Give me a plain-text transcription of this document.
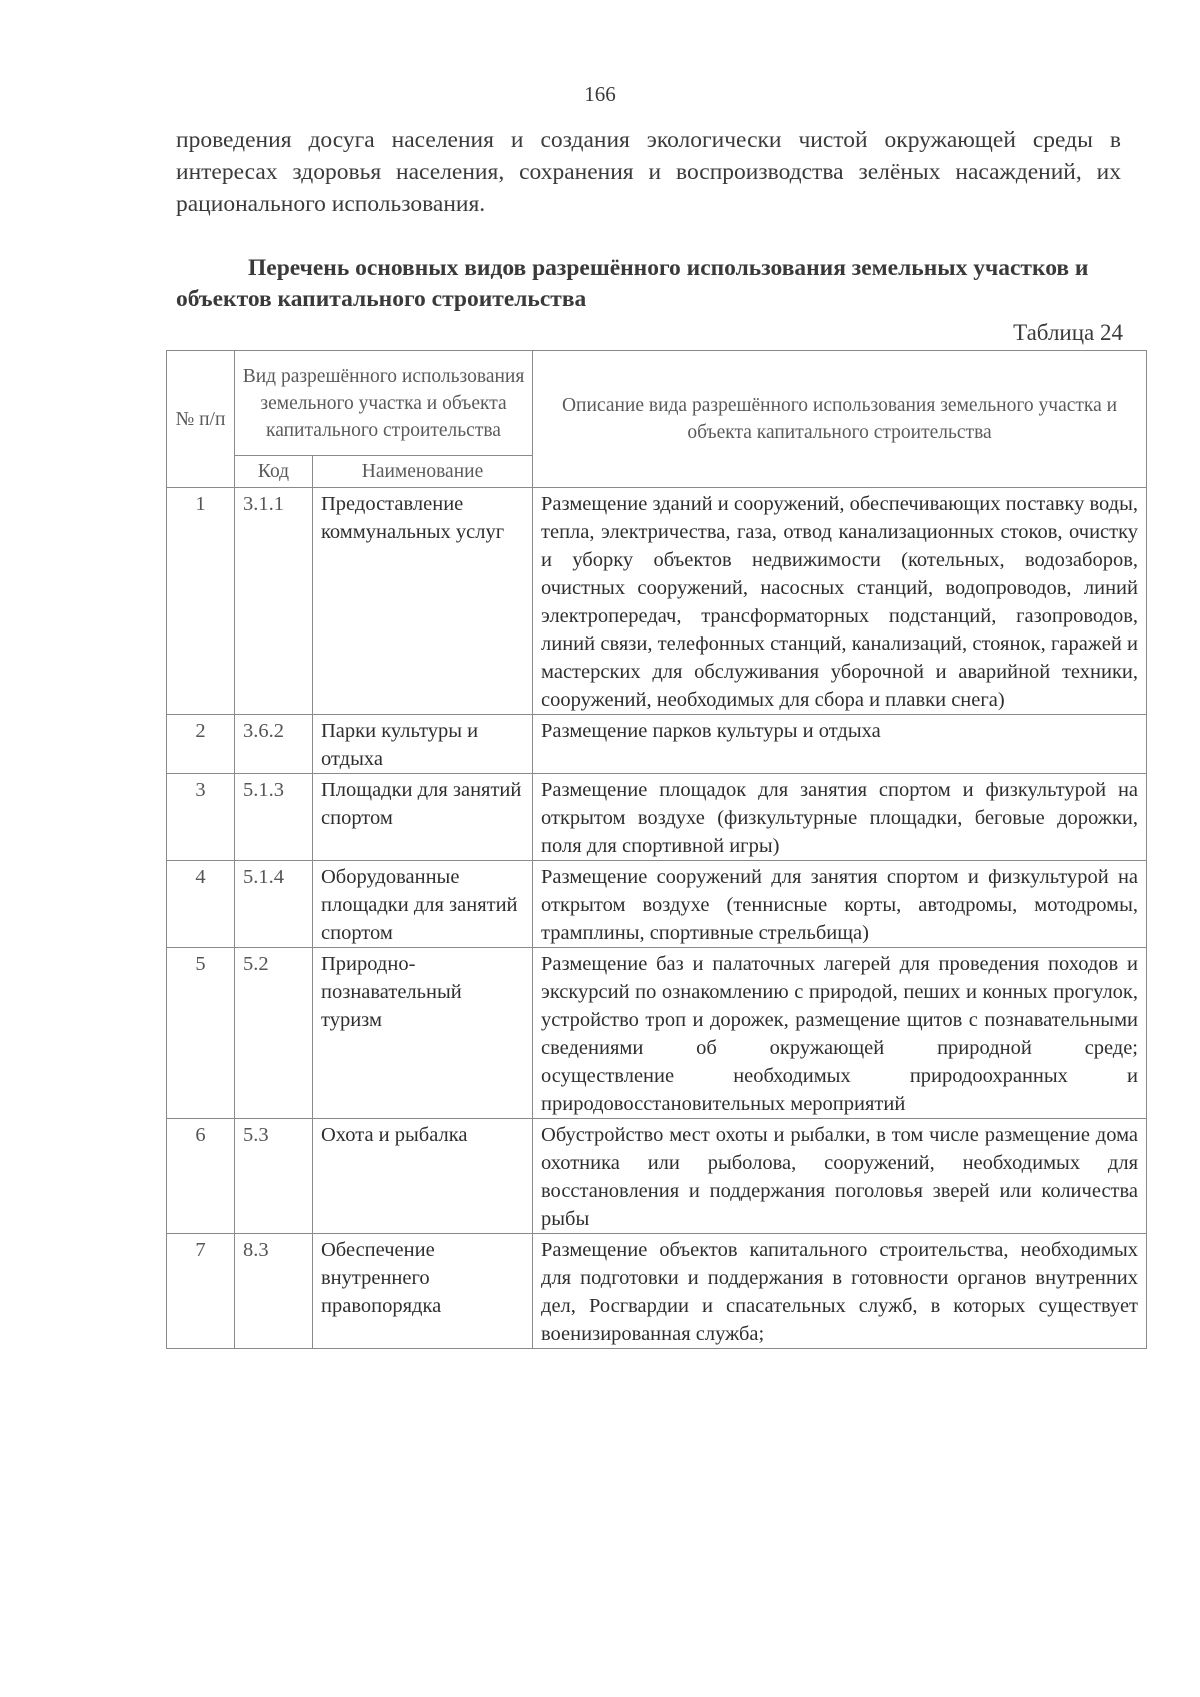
166
проведения досуга населения и создания экологически чистой окружающей среды в интересах здоровья населения, сохранения и воспроизводства зелёных насаждений, их рационального использования.
Перечень основных видов разрешённого использования земельных участков и объектов капитального строительства
Таблица 24
№ п/п	Вид разрешённого использования земельного участка и объекта капитального строительства		Описание вида разрешённого использования земельного участка и объекта капитального строительства
	Код	Наименование	
1	3.1.1	Предоставление коммунальных услуг	Размещение зданий и сооружений, обеспечивающих поставку воды, тепла, электричества, газа, отвод канализационных стоков, очистку и уборку объектов недвижимости (котельных, водозаборов, очистных сооружений, насосных станций, водопроводов, линий электропередач, трансформаторных подстанций, газопроводов, линий связи, телефонных станций, канализаций, стоянок, гаражей и мастерских для обслуживания уборочной и аварийной техники, сооружений, необходимых для сбора и плавки снега)

2	3.6.2	Парки культуры и отдыха	Размещение парков культуры и отдыха

3	5.1.3	Площадки для занятий спортом	Размещение площадок для занятия спортом и физкультурой на открытом воздухе (физкультурные площадки, беговые дорожки, поля для спортивной игры)

4	5.1.4	Оборудованные площадки для занятий спортом	Размещение сооружений для занятия спортом и физкультурой на открытом воздухе (теннисные корты, автодромы, мотодромы, трамплины, спортивные стрельбища)

5	5.2	Природно-познавательный туризм	Размещение баз и палаточных лагерей для проведения походов и экскурсий по ознакомлению с природой, пеших и конных прогулок, устройство троп и дорожек, размещение щитов с познавательными сведениями об окружающей природной среде;
осуществление необходимых природоохранных и природовосстановительных мероприятий

6	5.3	Охота и рыбалка	Обустройство мест охоты и рыбалки, в том числе размещение дома охотника или рыболова, сооружений, необходимых для восстановления и поддержания поголовья зверей или количества рыбы

7	8.3	Обеспечение внутреннего правопорядка	Размещение объектов капитального строительства, необходимых для подготовки и поддержания в готовности органов внутренних дел, Росгвардии и спасательных служб, в которых существует военизированная служба;
